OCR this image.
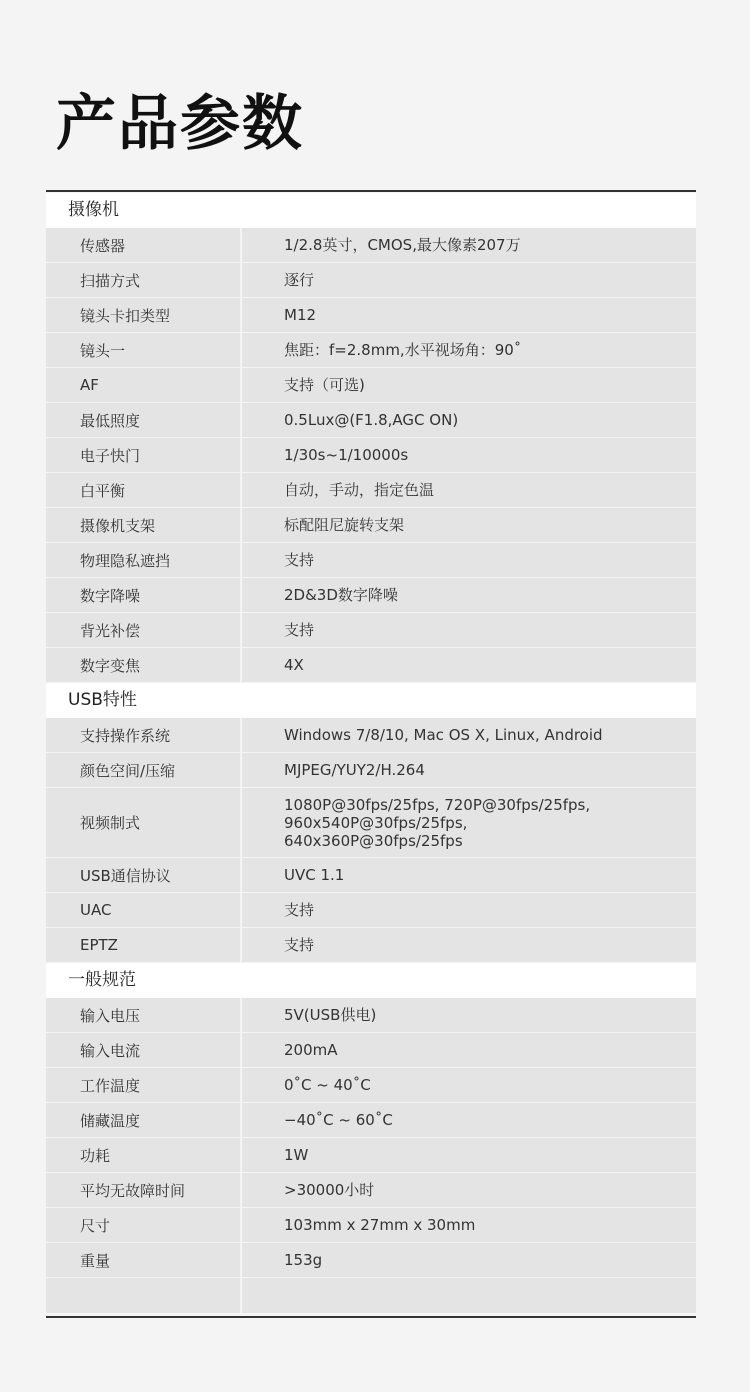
产品参数
摄像机
传感器	1/2.8英寸，CMOS,最大像素207万
扫描方式	逐行
镜头卡扣类型	M12
镜头一	焦距：f=2.8mm,水平视场角：90˚
AF	支持（可选)
最低照度	0.5Lux@(F1.8,AGC ON)
电子快门	1/30s~1/10000s
白平衡	自动，手动，指定色温
摄像机支架	标配阻尼旋转支架
物理隐私遮挡	支持
数字降噪	2D&3D数字降噪
背光补偿	支持
数字变焦	4X
USB特性
支持操作系统	Windows 7/8/10, Mac OS X, Linux, Android
颜色空间/压缩	MJPEG/YUY2/H.264
视频制式
1080P@30fps/25fps, 720P@30fps/25fps,
960x540P@30fps/25fps,
640x360P@30fps/25fps
USB通信协议	UVC 1.1
UAC	支持
EPTZ	支持
一般规范
输入电压	5V(USB供电)
输入电流	200mA
工作温度	0˚C ~ 40˚C
储藏温度	−40˚C ~ 60˚C
功耗	1W
平均无故障时间	>30000小时
尺寸	103mm x 27mm x 30mm
重量	153g
